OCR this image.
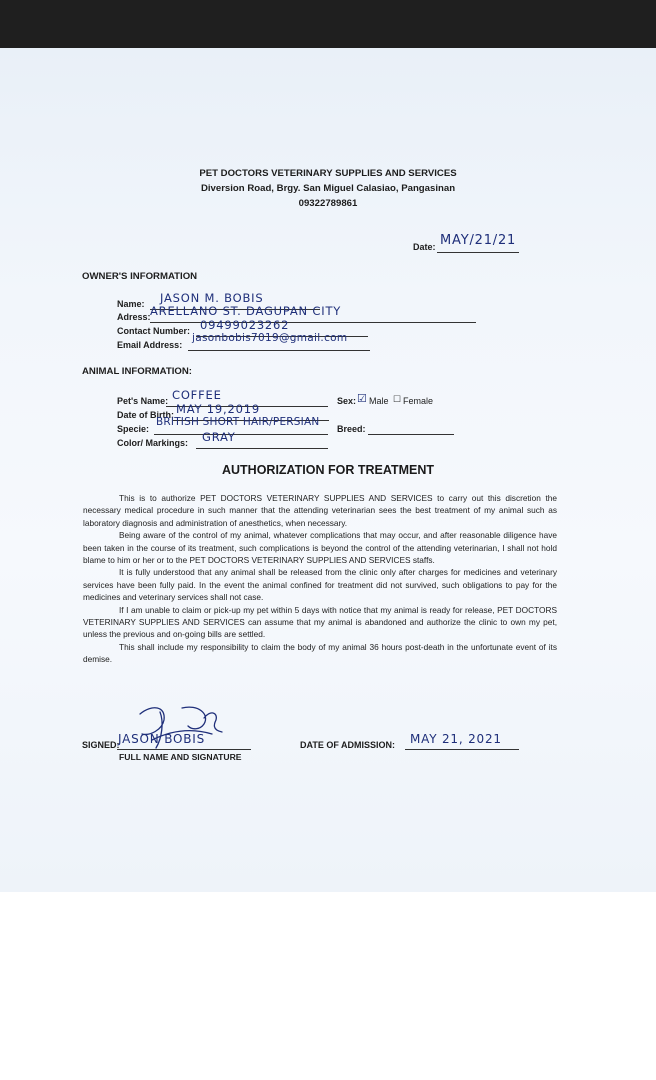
PET DOCTORS VETERINARY SUPPLIES AND SERVICES
Diversion Road, Brgy. San Miguel Calasiao, Pangasinan
09322789861
Date: MAY/21/21
OWNER'S INFORMATION
Name: JASON M. BOBIS
Adress: ARELLANO ST. DAGUPAN CITY
Contact Number: 09499023262
Email Address:
jasonbobis7019@gmail.com
ANIMAL INFORMATION:
Pet's Name: COFFEE	Sex: ☑ Male ☐ Female
Date of Birth: MAY 19,2019
Specie:
BRITISH SHORT HAIR/PERSIAN
Breed:
Color/ Markings: GRAY
AUTHORIZATION FOR TREATMENT

This is to authorize PET DOCTORS VETERINARY SUPPLIES AND SERVICES to carry out this discretion the necessary medical procedure in such manner that the attending veterinarian sees the best treatment of my animal such as laboratory diagnosis and administration of anesthetics, when necessary.

Being aware of the control of my animal, whatever complications that may occur, and after reasonable diligence have been taken in the course of its treatment, such complications is beyond the control of the attending veterinarian, I shall not hold blame to him or her or to the PET DOCTORS VETERINARY SUPPLIES AND SERVICES staffs.

It is fully understood that any animal shall be released from the clinic only after charges for medicines and veterinary services have been fully paid. In the event the animal confined for treatment did not survived, such obligations to pay for the medicines and veterinary services shall not case.

If I am unable to claim or pick-up my pet within 5 days with notice that my animal is ready for release, PET DOCTORS VETERINARY SUPPLIES AND SERVICES can assume that my animal is abandoned and authorize the clinic to own my pet, unless the previous and on-going bills are settled.

This shall include my responsibility to claim the body of my animal 36 hours post-death in the unfortunate event of its demise.

SIGNED:
JASON BOBIS
FULL NAME AND SIGNATURE
DATE OF ADMISSION: MAY 21, 2021
